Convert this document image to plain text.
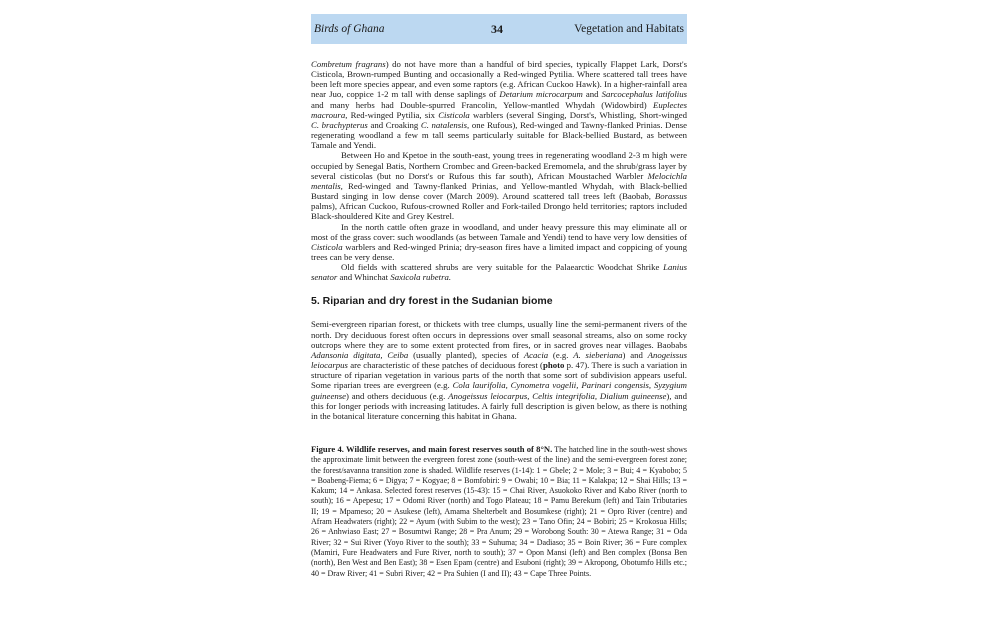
Birds of Ghana	34	Vegetation and Habitats

Combretum fragrans) do not have more than a handful of bird species, typically Flappet Lark, Dorst's Cisticola, Brown-rumped Bunting and occasionally a Red-winged Pytilia. Where scattered tall trees have been left more species appear, and even some raptors (e.g. African Cuckoo Hawk). In a higher-rainfall area near Juo, coppice 1-2 m tall with dense saplings of Detarium microcarpum and Sarcocephalus latifolius and many herbs had Double-spurred Francolin, Yellow-mantled Whydah (Widowbird) Euplectes macroura, Red-winged Pytilia, six Cisticola warblers (several Singing, Dorst's, Whistling, Short-winged C. brachypterus and Croaking C. natalensis, one Rufous), Red-winged and Tawny-flanked Prinias. Dense regenerating woodland a few m tall seems particularly suitable for Black-bellied Bustard, as between Tamale and Yendi.

Between Ho and Kpetoe in the south-east, young trees in regenerating woodland 2-3 m high were occupied by Senegal Batis, Northern Crombec and Green-backed Eremomela, and the shrub/grass layer by several cisticolas (but no Dorst's or Rufous this far south), African Moustached Warbler Melocichla mentalis, Red-winged and Tawny-flanked Prinias, and Yellow-mantled Whydah, with Black-bellied Bustard singing in low dense cover (March 2009). Around scattered tall trees left (Baobab, Borassus palms), African Cuckoo, Rufous-crowned Roller and Fork-tailed Drongo held territories; raptors included Black-shouldered Kite and Grey Kestrel.

In the north cattle often graze in woodland, and under heavy pressure this may eliminate all or most of the grass cover: such woodlands (as between Tamale and Yendi) tend to have very low densities of Cisticola warblers and Red-winged Prinia; dry-season fires have a limited impact and coppicing of young trees can be very dense.

Old fields with scattered shrubs are very suitable for the Palaearctic Woodchat Shrike Lanius senator and Whinchat Saxicola rubetra.

5. Riparian and dry forest in the Sudanian biome

Semi-evergreen riparian forest, or thickets with tree clumps, usually line the semi-permanent rivers of the north. Dry deciduous forest often occurs in depressions over small seasonal streams, also on some rocky outcrops where they are to some extent protected from fires, or in sacred groves near villages. Baobabs Adansonia digitata, Ceiba (usually planted), species of Acacia (e.g. A. sieberiana) and Anogeissus leiocarpus are characteristic of these patches of deciduous forest (photo p. 47). There is such a variation in structure of riparian vegetation in various parts of the north that some sort of subdivision appears useful. Some riparian trees are evergreen (e.g. Cola laurifolia, Cynometra vogelii, Parinari congensis, Syzygium guineense) and others deciduous (e.g. Anogeissus leiocarpus, Celtis integrifolia, Dialium guineense), and this for longer periods with increasing latitudes. A fairly full description is given below, as there is nothing in the botanical literature concerning this habitat in Ghana.

Figure 4. Wildlife reserves, and main forest reserves south of 8°N. The hatched line in the south-west shows the approximate limit between the evergreen forest zone (south-west of the line) and the semi-evergreen forest zone; the forest/savanna transition zone is shaded. Wildlife reserves (1-14): 1 = Gbele; 2 = Mole; 3 = Bui; 4 = Kyabobo; 5 = Boabeng-Fiema; 6 = Digya; 7 = Kogyae; 8 = Bomfobiri: 9 = Owabi; 10 = Bia; 11 = Kalakpa; 12 = Shai Hills; 13 = Kakum; 14 = Ankasa. Selected forest reserves (15-43): 15 = Chai River, Asuokoko River and Kabo River (north to south); 16 = Apepesu; 17 = Odomi River (north) and Togo Plateau; 18 = Pamu Berekum (left) and Tain Tributaries II; 19 = Mpameso; 20 = Asukese (left), Amama Shelterbelt and Bosumkese (right); 21 = Opro River (centre) and Afram Headwaters (right); 22 = Ayum (with Subim to the west); 23 = Tano Ofin; 24 = Bobiri; 25 = Krokosua Hills; 26 = Anhwiaso East; 27 = Bosumtwi Range; 28 = Pra Anum; 29 = Worobong South: 30 = Atewa Range; 31 = Oda River; 32 = Sui River (Yoyo River to the south); 33 = Suhuma; 34 = Dadiaso; 35 = Boin River; 36 = Fure complex (Mamiri, Fure Headwaters and Fure River, north to south); 37 = Opon Mansi (left) and Ben complex (Bonsa Ben (north), Ben West and Ben East); 38 = Esen Epam (centre) and Esuboni (right); 39 = Akropong, Obotumfo Hills etc.; 40 = Draw River; 41 = Subri River; 42 = Pra Suhien (I and II); 43 = Cape Three Points.
